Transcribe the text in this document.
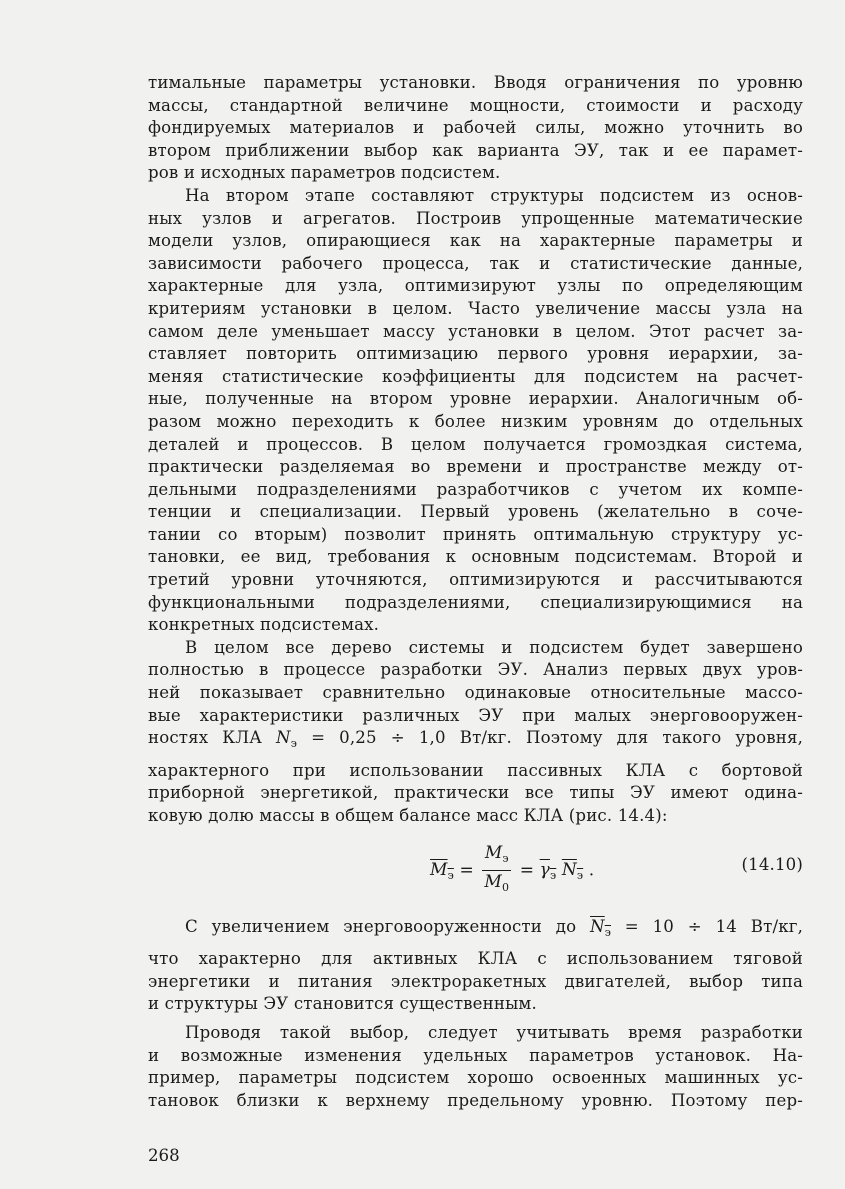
тимальные параметры установки. Вводя ограничения по уровню
массы, стандартной величине мощности, стоимости и расходу
фондируемых материалов и рабочей силы, можно уточнить во
втором приближении выбор как варианта ЭУ, так и ее парамет-
ров и исходных параметров подсистем.

На втором этапе составляют структуры подсистем из основ-
ных узлов и агрегатов. Построив упрощенные математические
модели узлов, опирающиеся как на характерные параметры и
зависимости рабочего процесса, так и статистические данные,
характерные для узла, оптимизируют узлы по определяющим
критериям установки в целом. Часто увеличение массы узла на
самом деле уменьшает массу установки в целом. Этот расчет за-
ставляет повторить оптимизацию первого уровня иерархии, за-
меняя статистические коэффициенты для подсистем на расчет-
ные, полученные на втором уровне иерархии. Аналогичным об-
разом можно переходить к более низким уровням до отдельных
деталей и процессов. В целом получается громоздкая система,
практически разделяемая во времени и пространстве между от-
дельными подразделениями разработчиков с учетом их компе-
тенции и специализации. Первый уровень (желательно в соче-
тании со вторым) позволит принять оптимальную структуру ус-
тановки, ее вид, требования к основным подсистемам. Второй и
третий уровни уточняются, оптимизируются и рассчитываются
функциональными подразделениями, специализирующимися на
конкретных подсистемах.

В целом все дерево системы и подсистем будет завершено
полностью в процессе разработки ЭУ. Анализ первых двух уров-
ней показывает сравнительно одинаковые относительные массо-
вые характеристики различных ЭУ при малых энерговооружен-
ностях КЛА $N_э = 0,25 \div 1,0$ Вт/кг. Поэтому для такого уровня,
характерного при использовании пассивных КЛА с бортовой
приборной энергетикой, практически все типы ЭУ имеют одина-
ковую долю массы в общем балансе масс КЛА (рис. 14.4):

$M_э = \frac{M_э}{M_0} = \gamma_э$ $N_э$ .	(14.10)

С увеличением энерговооруженности до $N_э = 10 \div 14$ Вт/кг,
что характерно для активных КЛА с использованием тяговой
энергетики и питания электроракетных двигателей, выбор типа
и структуры ЭУ становится существенным.

Проводя такой выбор, следует учитывать время разработки
и возможные изменения удельных параметров установок. На-
пример, параметры подсистем хорошо освоенных машинных ус-
тановок близки к верхнему предельному уровню. Поэтому пер-

268
